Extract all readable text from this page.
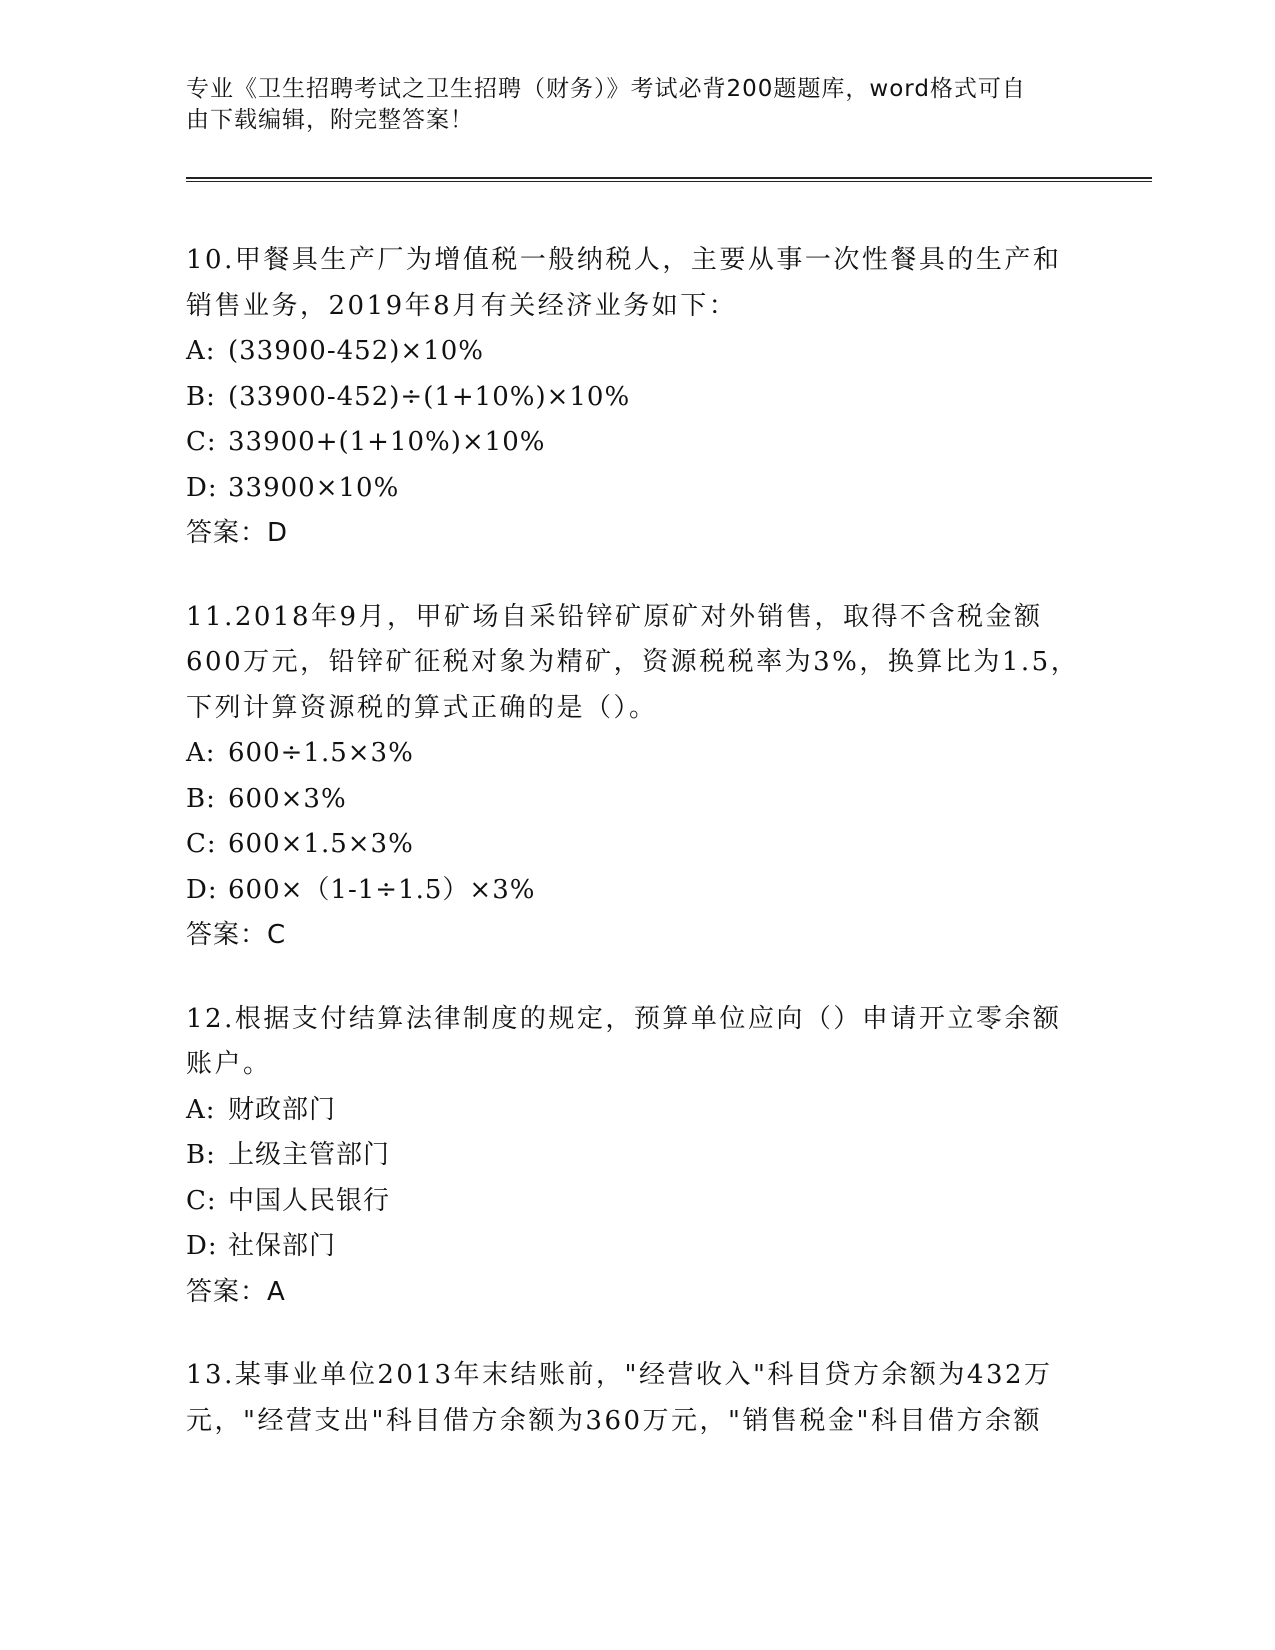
专业《卫生招聘考试之卫生招聘（财务）》考试必背200题题库，word格式可自
由下载编辑，附完整答案！

10.甲餐具生产厂为增值税一般纳税人，主要从事一次性餐具的生产和

销售业务，2019年8月有关经济业务如下：

A: (33900-452)×10%

B: (33900-452)÷(1+10%)×10%

C: 33900+(1+10%)×10%

D: 33900×10%

答案：D

11.2018年9月，甲矿场自采铅锌矿原矿对外销售，取得不含税金额

600万元，铅锌矿征税对象为精矿，资源税税率为3%，换算比为1.5，

下列计算资源税的算式正确的是（）。

A: 600÷1.5×3%

B: 600×3%

C: 600×1.5×3%

D: 600×（1-1÷1.5）×3%

答案：C

12.根据支付结算法律制度的规定，预算单位应向（）申请开立零余额

账户。

A: 财政部门

B: 上级主管部门

C: 中国人民银行

D: 社保部门

答案：A

13.某事业单位2013年末结账前，"经营收入"科目贷方余额为432万

元，"经营支出"科目借方余额为360万元，"销售税金"科目借方余额
